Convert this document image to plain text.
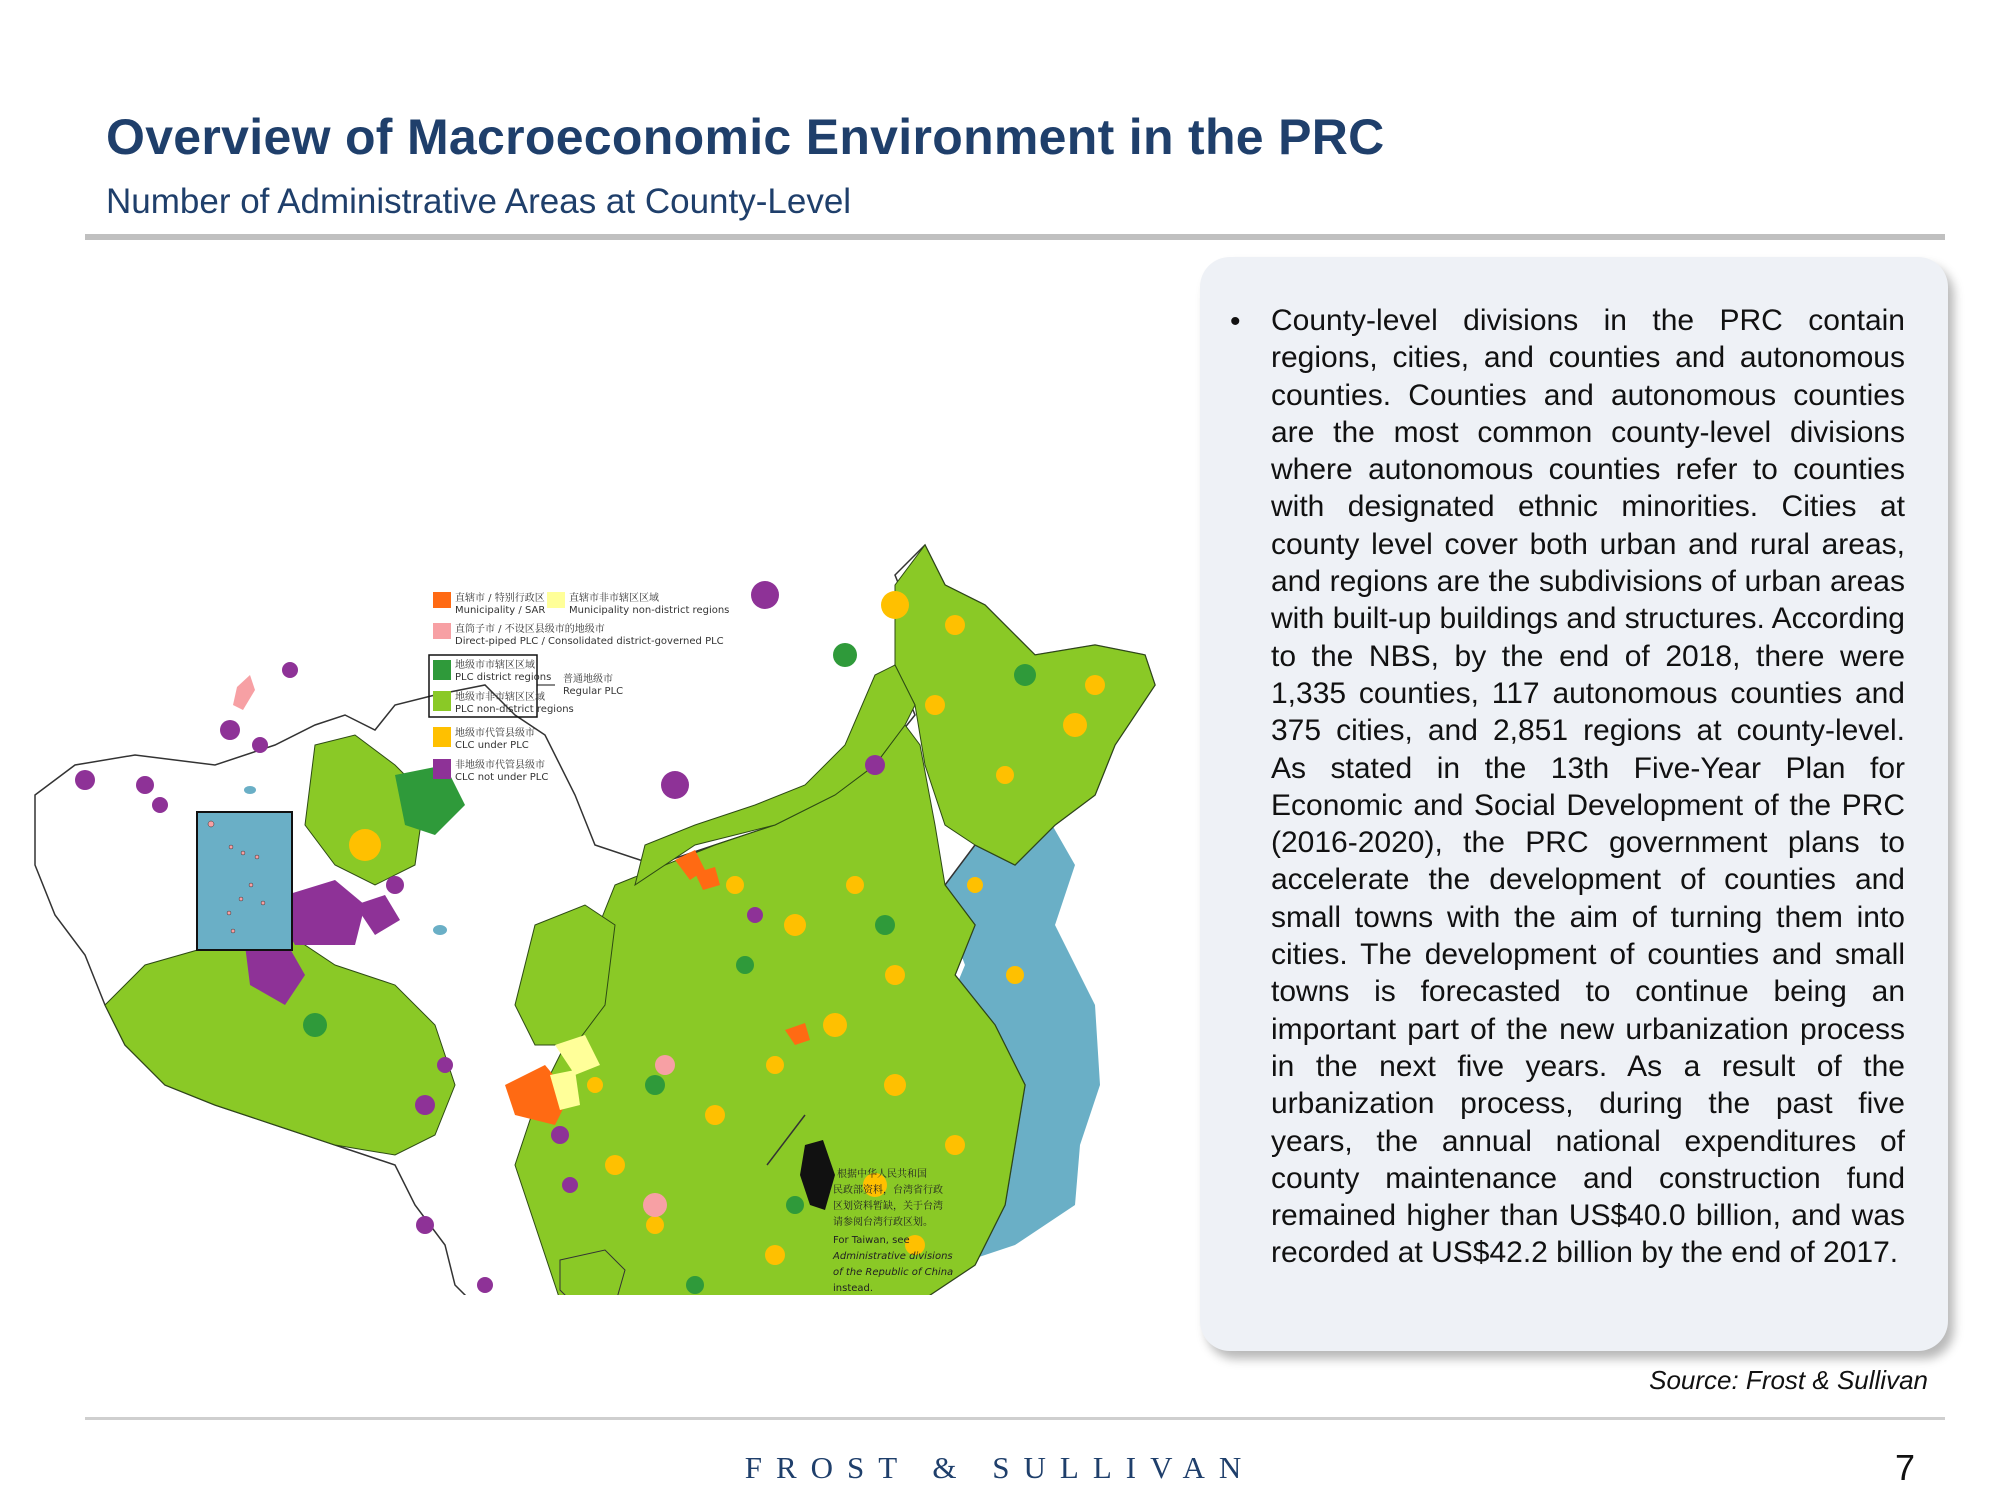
Overview of Macroeconomic Environment in the PRC
Number of Administrative Areas at County-Level
直辖市 / 特别行政区
Municipality / SAR
直辖市非市辖区区域
Municipality non-district regions
直筒子市 / 不设区县级市的地级市
Direct-piped PLC / Consolidated district-governed PLC
地级市市辖区区域
PLC district regions
地级市非市辖区区域
PLC non-district regions
普通地级市
Regular PLC
地级市代管县级市
CLC under PLC
非地级市代管县级市
CLC not under PLC
根据中华人民共和国
民政部资料，台湾省行政
区划资料暂缺，关于台湾
请参阅台湾行政区划。
For Taiwan, see
Administrative divisions
of the Republic of China
instead.
• County-level divisions in the PRC contain regions, cities, and counties and autonomous counties. Counties and autonomous counties are the most common county-level divisions where autonomous counties refer to counties with designated ethnic minorities. Cities at county level cover both urban and rural areas, and regions are the subdivisions of urban areas with built-up buildings and structures. According to the NBS, by the end of 2018, there were 1,335 counties, 117 autonomous counties and 375 cities, and 2,851 regions at county-level. As stated in the 13th Five-Year Plan for Economic and Social Development of the PRC (2016-2020), the PRC government plans to accelerate the development of counties and small towns with the aim of turning them into cities. The development of counties and small towns is forecasted to continue being an important part of the new urbanization process in the next five years. As a result of the urbanization process, during the past five years, the annual national expenditures of county maintenance and construction fund remained higher than US$40.0 billion, and was recorded at US$42.2 billion by the end of 2017.
Source: Frost & Sullivan
FROST & SULLIVAN	7
